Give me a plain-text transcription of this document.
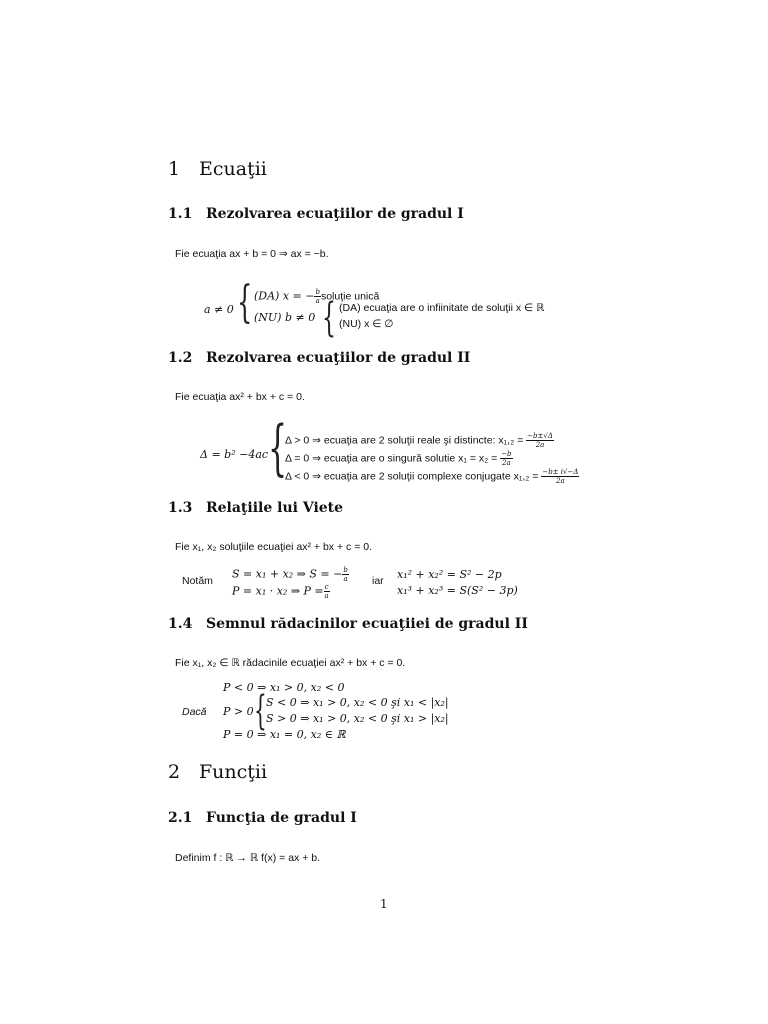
1 Ecuaţii
1.1 Rezolvarea ecuaţiilor de gradul I
Fie ecuaţia ax + b = 0 ⇒ ax = −b.
a ≠ 0 { (DA) x = − $\frac{b}{a}$ soluţie unică
(NU) b ≠ 0 { (DA) ecuaţia are o infiinitate de soluţii x ∈ ℝ
(NU) x ∈ ∅
1.2 Rezolvarea ecuaţiilor de gradul II
Fie ecuaţia ax² + bx + c = 0.
Δ = b² −4ac {
Δ > 0 ⇒ ecuaţia are 2 soluţii reale şi distincte: $x_1,_2 = \frac{-b\pm√\Delta}{2a}$
Δ = 0 ⇒ ecuaţia are o singură solutie $x_1 = x_2 = \frac{-b}{2a}$
Δ < 0 ⇒ ecuaţia are 2 soluţii complexe conjugate $x_1,_2 = \frac{-b\pm i√-\Delta}{2a}$
1.3 Relaţiile lui Viete
Fie x₁, x₂ soluţiile ecuaţiei ax² + bx + c = 0.
Notăm
S = x₁ + x₂ ⇒ S = − $\frac{b}{a}$
P = x₁ · x₂ ⇒ $P = \frac{c}{a}$
iar x₁² + x₂² = S² − 2p
x₁³ + x₂³ = S(S² − 3p)
1.4 Semnul rădacinilor ecuaţiiei de gradul II
Fie x₁, x₂ ∈ ℝ rădacinile ecuaţiei ax² + bx + c = 0.
P < 0 ⇒ x₁ > 0, x₂ < 0
Dacă P > 0 { S < 0 ⇒ x₁ > 0, x₂ < 0 şi x₁ < |x₂|
S > 0 ⇒ x₁ > 0, x₂ < 0 şi x₁ > |x₂|
P = 0 ⇒ x₁ = 0, x₂ ∈ ℝ
2 Funcţii
2.1 Funcţia de gradul I
Definim f : ℝ → ℝ f(x) = ax + b.
1
